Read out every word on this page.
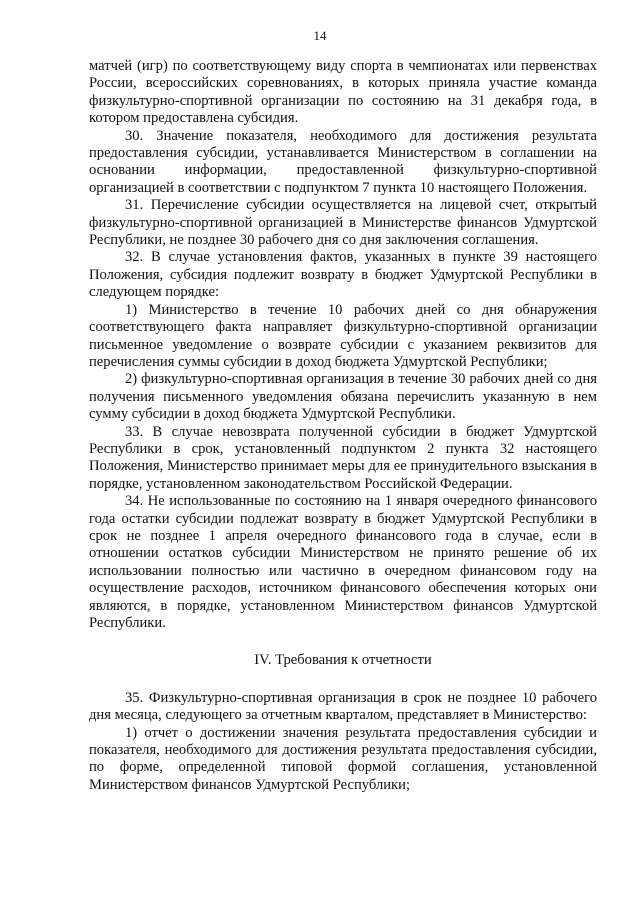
14

матчей (игр) по соответствующему виду спорта в чемпионатах или первенствах России, всероссийских соревнованиях, в которых приняла участие команда физкультурно-спортивной организации по состоянию на 31 декабря года, в котором предоставлена субсидия.

30. Значение показателя, необходимого для достижения результата предоставления субсидии, устанавливается Министерством в соглашении на основании информации, предоставленной физкультурно-спортивной организацией в соответствии с подпунктом 7 пункта 10 настоящего Положения.

31. Перечисление субсидии осуществляется на лицевой счет, открытый физкультурно-спортивной организацией в Министерстве финансов Удмуртской Республики, не позднее 30 рабочего дня со дня заключения соглашения.

32. В случае установления фактов, указанных в пункте 39 настоящего Положения, субсидия подлежит возврату в бюджет Удмуртской Республики в следующем порядке:

1) Министерство в течение 10 рабочих дней со дня обнаружения соответствующего факта направляет физкультурно-спортивной организации письменное уведомление о возврате субсидии с указанием реквизитов для перечисления суммы субсидии в доход бюджета Удмуртской Республики;

2) физкультурно-спортивная организация в течение 30 рабочих дней со дня получения письменного уведомления обязана перечислить указанную в нем сумму субсидии в доход бюджета Удмуртской Республики.

33. В случае невозврата полученной субсидии в бюджет Удмуртской Республики в срок, установленный подпунктом 2 пункта 32 настоящего Положения, Министерство принимает меры для ее принудительного взыскания в порядке, установленном законодательством Российской Федерации.

34. Не использованные по состоянию на 1 января очередного финансового года остатки субсидии подлежат возврату в бюджет Удмуртской Республики в срок не позднее 1 апреля очередного финансового года в случае, если в отношении остатков субсидии Министерством не принято решение об их использовании полностью или частично в очередном финансовом году на осуществление расходов, источником финансового обеспечения которых они являются, в порядке, установленном Министерством финансов Удмуртской Республики.

IV. Требования к отчетности

35. Физкультурно-спортивная организация в срок не позднее 10 рабочего дня месяца, следующего за отчетным кварталом, представляет в Министерство:

1) отчет о достижении значения результата предоставления субсидии и показателя, необходимого для достижения результата предоставления субсидии, по форме, определенной типовой формой соглашения, установленной Министерством финансов Удмуртской Республики;
